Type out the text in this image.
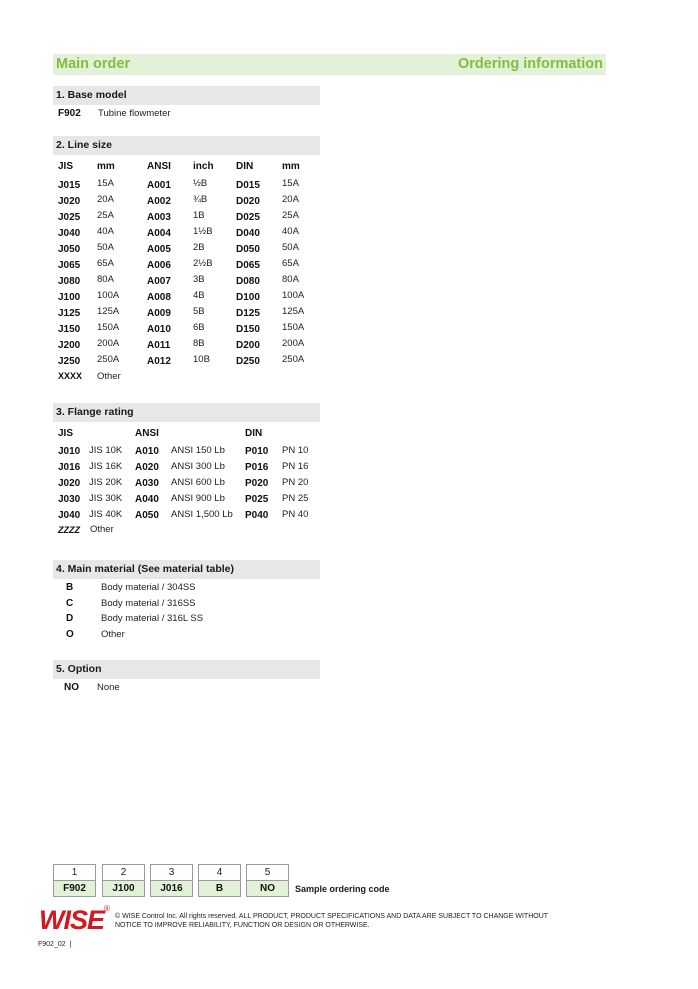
Main order	Ordering information
1. Base model
F902 Tubine flowmeter
2. Line size
JIS mm	ANSI inch DIN	mm
J015 15A	A001 ½B	D015 15A
J020 20A	A002 ¾B	D020 20A
J025 25A	A003 1B	D025 25A
J040 40A	A004 1½B D040 40A
J050 50A	A005 2B	D050 50A
J065 65A	A006 2½B D065 65A
J080 80A	A007 3B	D080 80A
J100 100A	A008 4B	D100 100A
J125 125A	A009 5B	D125 125A
J150 150A	A010 6B	D150 150A
J200 200A	A011 8B	D200 200A
J250 250A	A012 10B	D250 250A
XXXX Other
3. Flange rating
JIS	ANSI	DIN
J010 JIS 10K A010 ANSI 150 Lb P010 PN 10
J016 JIS 16K A020 ANSI 300 Lb P016 PN 16
J020 JIS 20K A030 ANSI 600 Lb P020 PN 20
J030 JIS 30K A040 ANSI 900 Lb P025 PN 25
J040 JIS 40K A050 ANSI 1,500 Lb P040 PN 40
ZZZZ Other
4. Main material (See material table)
B	Body material / 304SS
C	Body material / 316SS
D	Body material / 316L SS
O	Other
5. Option
NO None
1
F902
2
J100
3
J016
4
B
5
NO	Sample ordering code
WISE ®
© WISE Control Inc. All rights reserved. ALL PRODUCT, PRODUCT SPECIFICATIONS AND DATA ARE SUBJECT TO CHANGE WITHOUT
NOTICE TO IMPROVE RELIABILITY, FUNCTION OR DESIGN OR OTHERWISE.
F902_02 ❘
